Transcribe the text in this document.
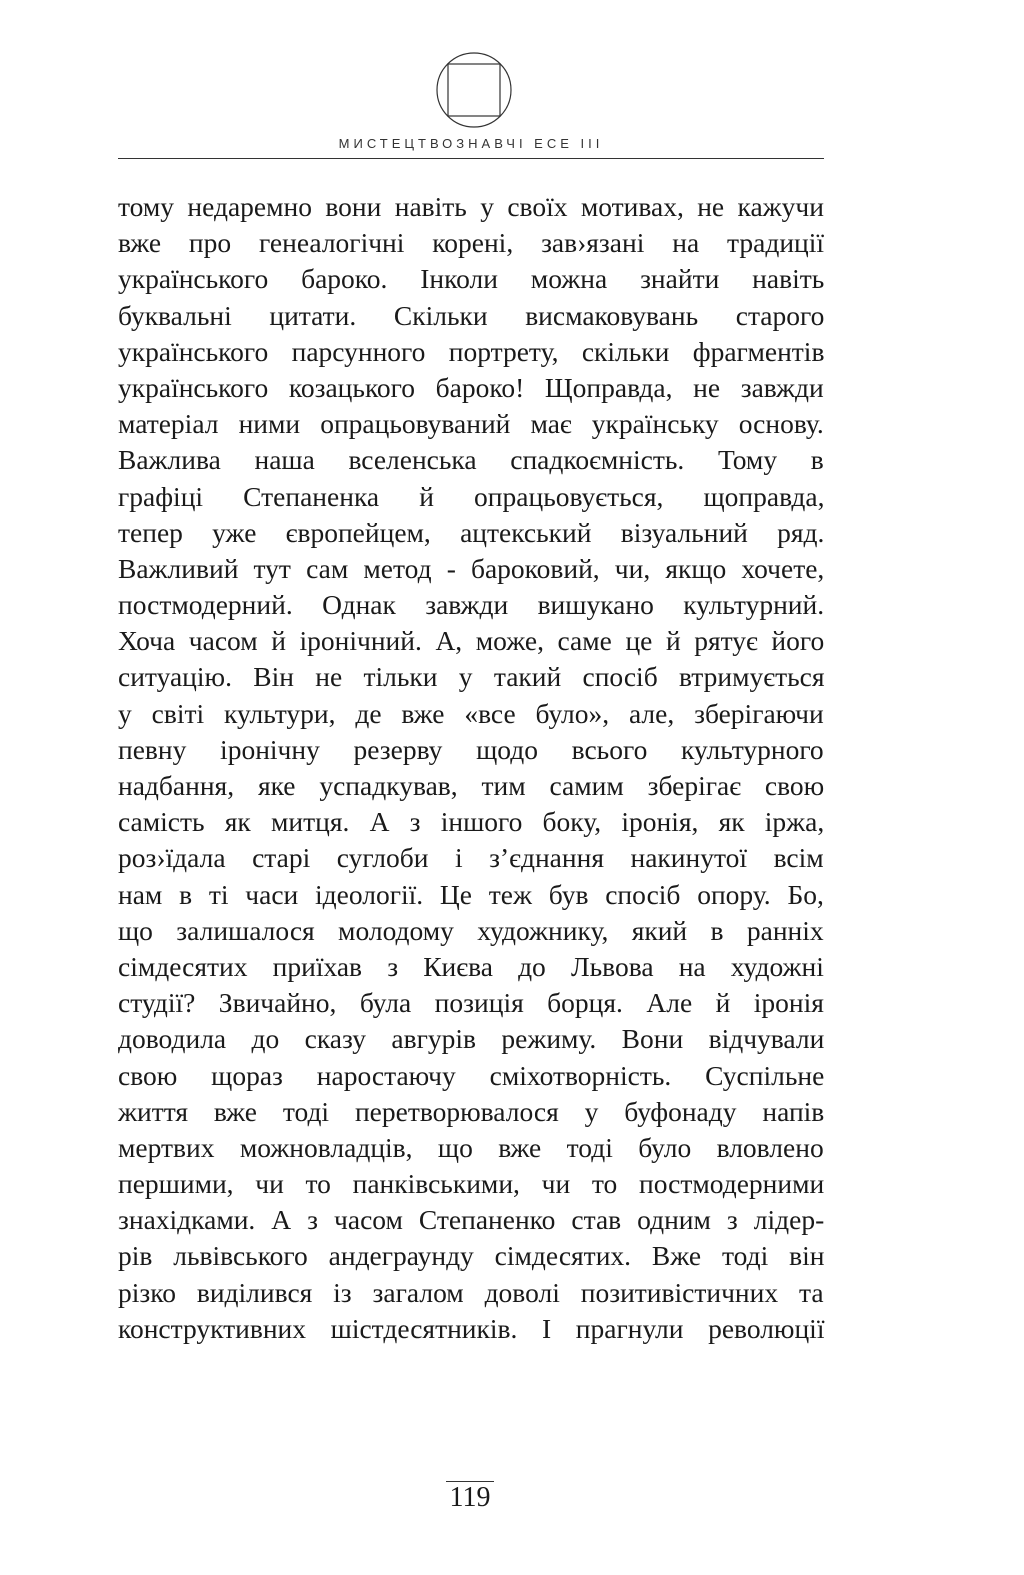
МИСТЕЦТВОЗНАВЧІ ЕСЕ III
тому недаремно вони навіть у своїх мотивах, не кажучи
вже про генеалогічні корені, зав›язані на традиції
українського бароко. Інколи можна знайти навіть
буквальні цитати. Скільки висмаковувань старого
українського парсунного портрету, скільки фрагментів
українського козацького бароко! Щоправда, не завжди
матеріал ними опрацьовуваний має українську основу.
Важлива наша вселенська спадкоємність. Тому в
графіці Степаненка й опрацьовується, щоправда,
тепер уже європейцем, ацтекський візуальний ряд.
Важливий тут сам метод - бароковий, чи, якщо хочете,
постмодерний. Однак завжди вишукано культурний.
Хоча часом й іронічний. А, може, саме це й рятує його
ситуацію. Він не тільки у такий спосіб втримується
у світі культури, де вже «все було», але, зберігаючи
певну іронічну резерву щодо всього культурного
надбання, яке успадкував, тим самим зберігає свою
самість як митця. А з іншого боку, іронія, як іржа,
роз›їдала старі суглоби і з’єднання накинутої всім
нам в ті часи ідеології. Це теж був спосіб опору. Бо,
що залишалося молодому художнику, який в ранніх
сімдесятих приїхав з Києва до Львова на художні
студії? Звичайно, була позиція борця. Але й іронія
доводила до сказу авгурів режиму. Вони відчували
свою щораз наростаючу сміхотворність. Суспільне
життя вже тоді перетворювалося у буфонаду напів
мертвих можновладців, що вже тоді було вловлено
першими, чи то панківськими, чи то постмодерними
знахідками. А з часом Степаненко став одним з лідер-
рів львівського андеграунду сімдесятих. Вже тоді він
різко виділився із загалом доволі позитивістичних та
конструктивних шістдесятників. І прагнули революції
119
